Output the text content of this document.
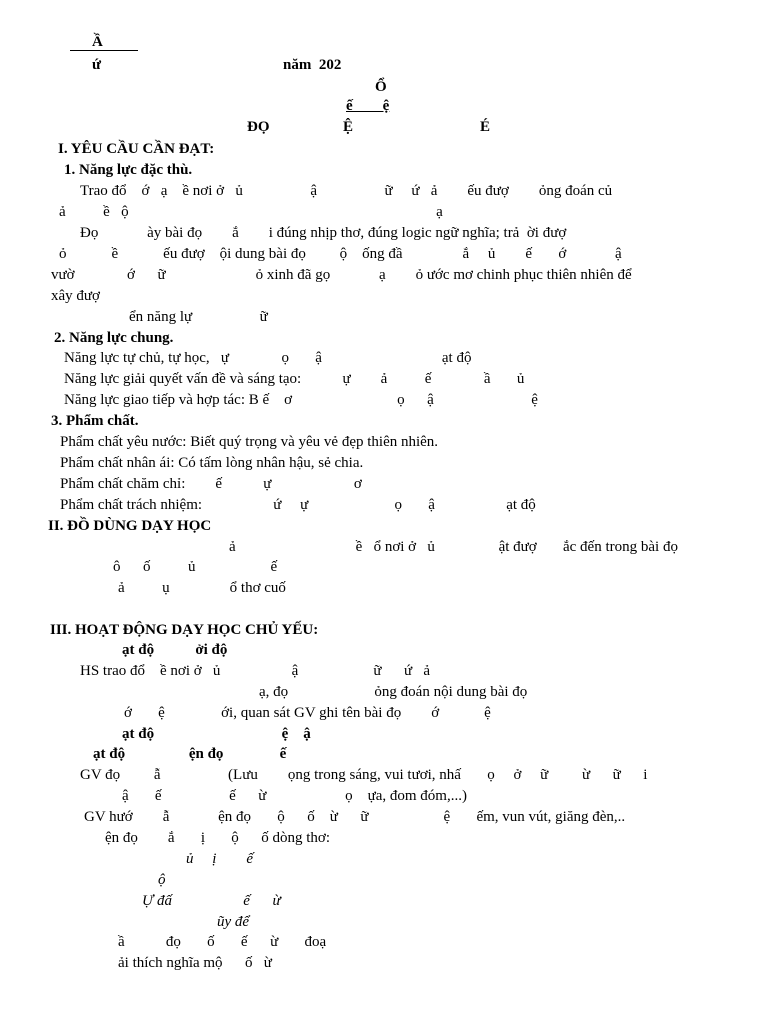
Ầ
ứ	năm  202
Ổ
ế        ệ
ĐỌ	Ệ	É
I. YÊU CẦU CẦN ĐẠT:
1. Năng lực đặc thù.
Trao đổ    ớ   ạ    ề nơi ở   ủ                  ậ                  ữ     ứ   ả        ếu đượ        ỏng đoán củ
ả          ề   ộ                                                                                  ạ
Đọ             ày bài đọ        ắ        i đúng nhịp thơ, đúng logic ngữ nghĩa; trả  ời đượ
ỏ            ề            ếu đượ    ội dung bài đọ         ộ    ống đầ                ắ     ủ        ế       ớ             ậ
vườ              ớ      ữ                        ỏ xinh đã gọ             ạ        ỏ ước mơ chinh phục thiên nhiên để
xây đượ
ển năng lự                  ữ
2. Năng lực chung.
Năng lực tự chủ, tự học,   ự              ọ       ậ                                ạt độ
Năng lực giải quyết vấn đề và sáng tạo:           ự        ả          ế              ầ       ủ
Năng lực giao tiếp và hợp tác: B ế    ơ                            ọ      ậ                          ệ
3. Phẩm chất.
Phẩm chất yêu nước: Biết quý trọng và yêu vẻ đẹp thiên nhiên.
Phẩm chất nhân ái: Có tấm lòng nhân hậu, sẻ chia.
Phẩm chất chăm chỉ:        ế           ự                      ơ
Phẩm chất trách nhiệm:                   ứ     ự                       ọ       ậ                   ạt độ
II. ĐỒ DÙNG DẠY HỌC
ả                                ề   ổ nơi ở   ủ                 ật đượ       ắc đến trong bài đọ
ô      ố          ủ                    ế
ả          ụ                ổ thơ cuố
III. HOẠT ĐỘNG DẠY HỌC CHỦ YẾU:
ạt độ           ởi độ
HS trao đổ    ề nơi ở   ủ                   ậ                    ữ      ứ   ả
ạ, đọ                       ỏng đoán nội dung bài đọ
ớ       ệ               ới, quan sát GV ghi tên bài đọ        ớ            ệ
ạt độ                                  ệ    ậ
ạt độ                 ện đọ               ế
GV đọ         ẫ                  (Lưu        ọng trong sáng, vui tươi, nhấ       ọ     ở     ữ         ừ      ữ      i
ậ       ế                  ế      ừ                     ọ    ựa, đom đóm,...)
GV hướ        ẫ             ện đọ       ộ      ố    ừ      ữ                    ệ       ếm, vun vút, giăng đèn,..
ện đọ        ắ       ị       ộ      ố dòng thơ:
ủ     ị        ế
ộ
Ự đấ                   ế      ừ
ũy để
ầ           đọ       ố       ế      ừ       đoạ
ải thích nghĩa mộ      ố   ừ
